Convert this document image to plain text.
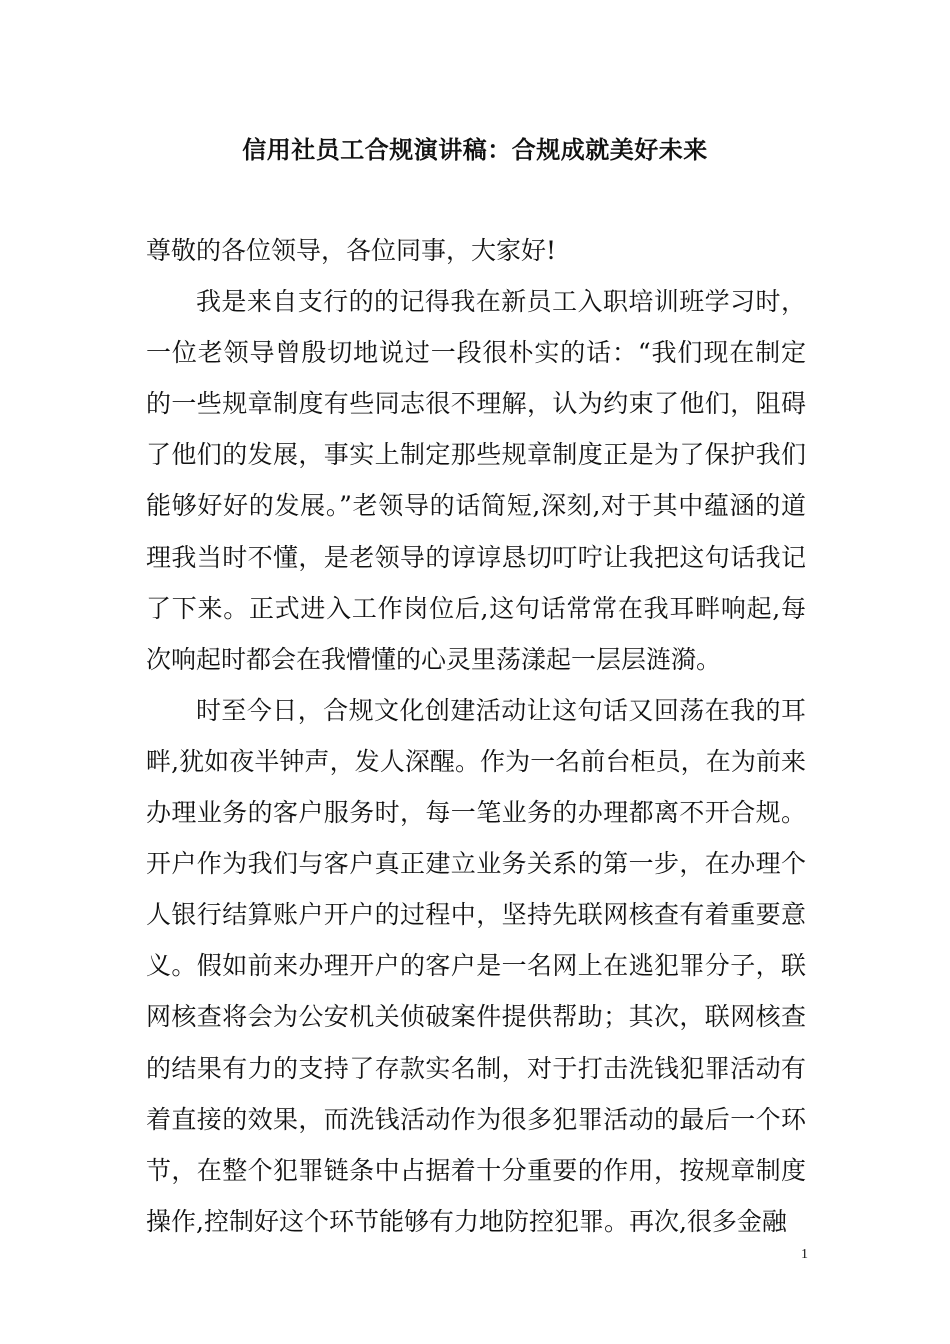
信用社员工合规演讲稿：合规成就美好未来

尊敬的各位领导，各位同事，大家好!

我是来自支行的的记得我在新员工入职培训班学习时，一位老领导曾殷切地说过一段很朴实的话：“我们现在制定的一些规章制度有些同志很不理解，认为约束了他们，阻碍了他们的发展，事实上制定那些规章制度正是为了保护我们能够好好的发展。”老领导的话简短,深刻,对于其中蕴涵的道理我当时不懂，是老领导的谆谆恳切叮咛让我把这句话我记了下来。正式进入工作岗位后,这句话常常在我耳畔响起,每次响起时都会在我懵懂的心灵里荡漾起一层层涟漪。

时至今日，合规文化创建活动让这句话又回荡在我的耳畔,犹如夜半钟声，发人深醒。作为一名前台柜员，在为前来办理业务的客户服务时，每一笔业务的办理都离不开合规。开户作为我们与客户真正建立业务关系的第一步，在办理个人银行结算账户开户的过程中，坚持先联网核查有着重要意义。假如前来办理开户的客户是一名网上在逃犯罪分子，联网核查将会为公安机关侦破案件提供帮助；其次，联网核查的结果有力的支持了存款实名制，对于打击洗钱犯罪活动有着直接的效果，而洗钱活动作为很多犯罪活动的最后一个环节，在整个犯罪链条中占据着十分重要的作用，按规章制度操作,控制好这个环节能够有力地防控犯罪。再次,很多金融

1
